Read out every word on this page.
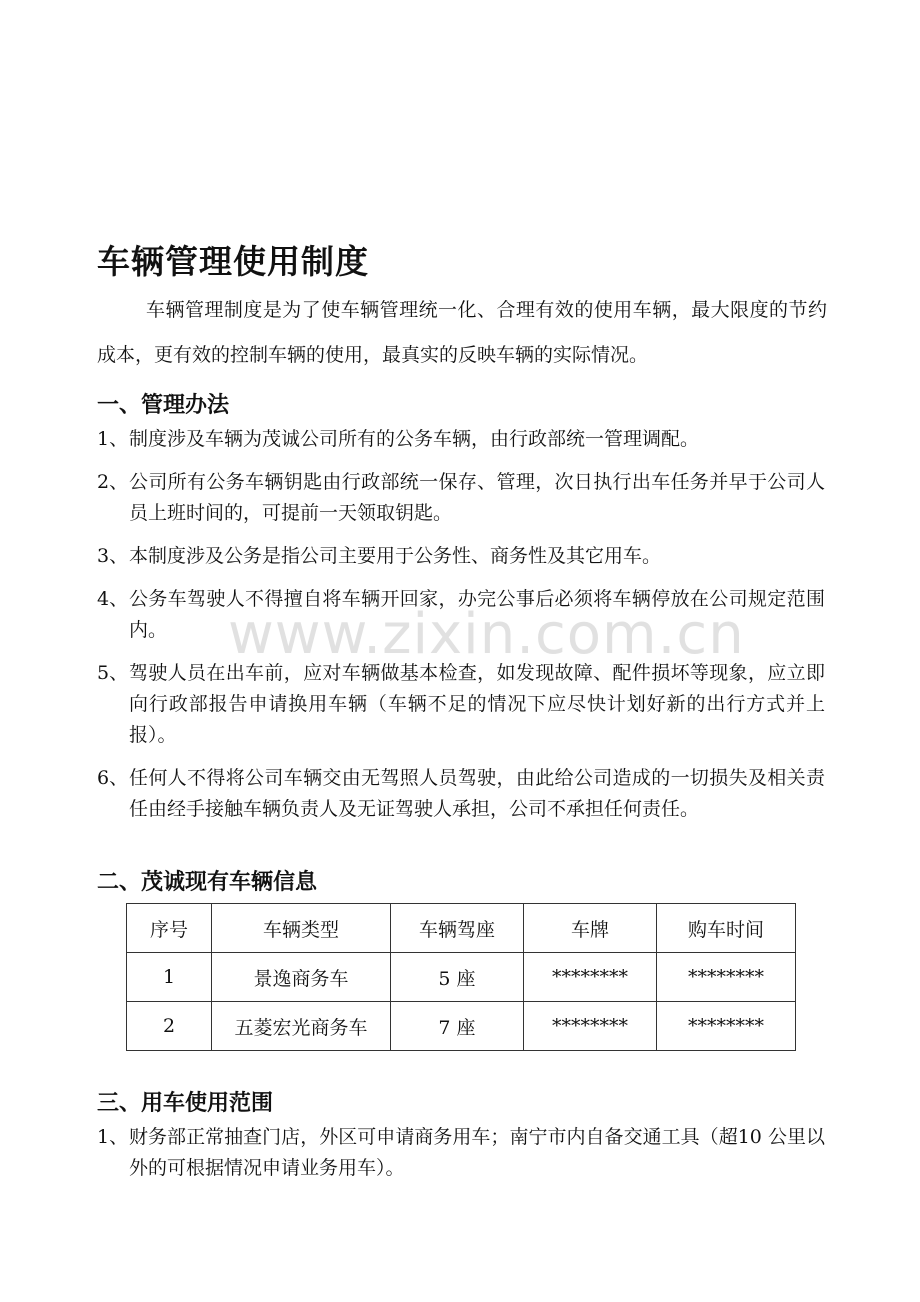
车辆管理使用制度

车辆管理制度是为了使车辆管理统一化、合理有效的使用车辆，最大限度的节约成本，更有效的控制车辆的使用，最真实的反映车辆的实际情况。

一、管理办法
1、 制度涉及车辆为茂诚公司所有的公务车辆，由行政部统一管理调配。
2、 公司所有公务车辆钥匙由行政部统一保存、管理，次日执行出车任务并早于公司人员上班时间的，可提前一天领取钥匙。
3、 本制度涉及公务是指公司主要用于公务性、商务性及其它用车。
4、 公务车驾驶人不得擅自将车辆开回家，办完公事后必须将车辆停放在公司规定范围内。
5、 驾驶人员在出车前，应对车辆做基本检查，如发现故障、配件损坏等现象，应立即向行政部报告申请换用车辆（车辆不足的情况下应尽快计划好新的出行方式并上报）。
6、 任何人不得将公司车辆交由无驾照人员驾驶，由此给公司造成的一切损失及相关责任由经手接触车辆负责人及无证驾驶人承担，公司不承担任何责任。
www.zixin.com.cn
二、茂诚现有车辆信息
序号	车辆类型	车辆驾座	车牌	购车时间
1	景逸商务车	5 座	********	********
2	五菱宏光商务车	7 座	********	********
三、用车使用范围
1、 财务部正常抽查门店，外区可申请商务用车；南宁市内自备交通工具（超10 公里以外的可根据情况申请业务用车）。
